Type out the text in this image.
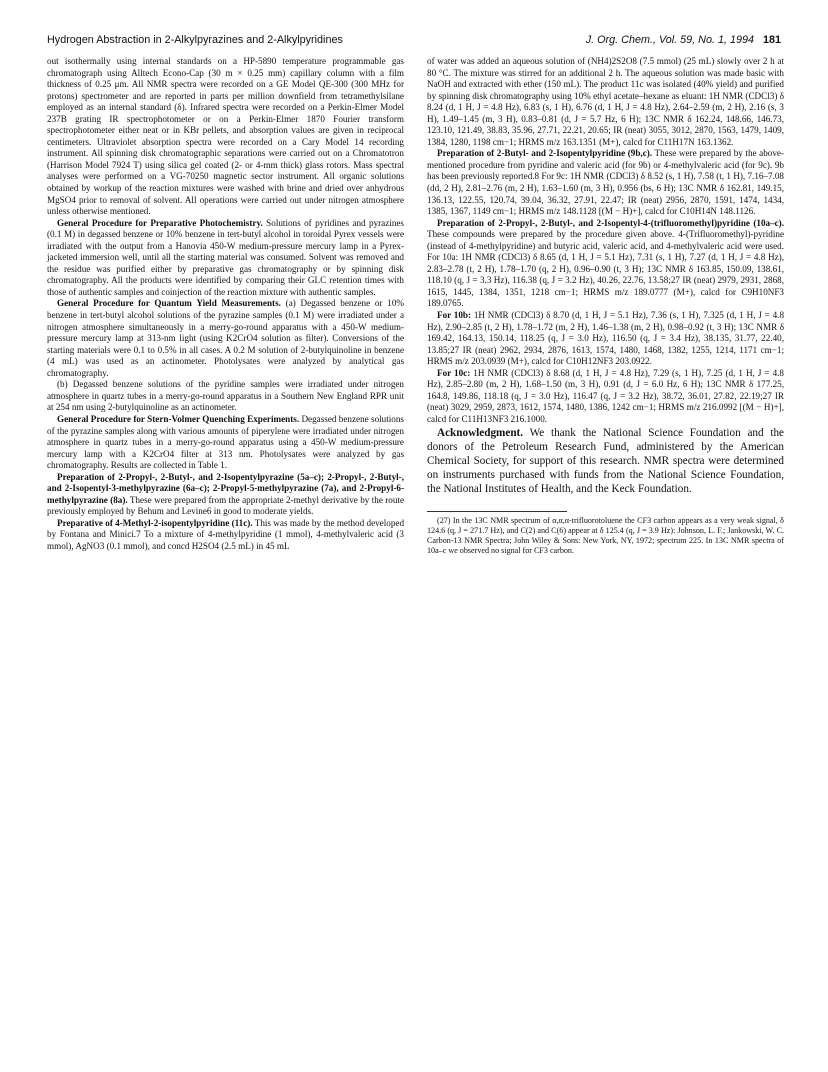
Hydrogen Abstraction in 2-Alkylpyrazines and 2-Alkylpyridines	J. Org. Chem., Vol. 59, No. 1, 1994 181

out isothermally using internal standards on a HP-5890 temperature programmable gas chromatograph using Alltech Econo-Cap (30 m × 0.25 mm) capillary column with a film thickness of 0.25 μm. All NMR spectra were recorded on a GE Model QE-300 (300 MHz for protons) spectrometer and are reported in parts per million downfield from tetramethylsilane employed as an internal standard (δ). Infrared spectra were recorded on a Perkin-Elmer Model 237B grating IR spectrophotometer or on a Perkin-Elmer 1870 Fourier transform spectrophotometer either neat or in KBr pellets, and absorption values are given in reciprocal centimeters. Ultraviolet absorption spectra were recorded on a Cary Model 14 recording instrument. All spinning disk chromatographic separations were carried out on a Chromatotron (Harrison Model 7924 T) using silica gel coated (2- or 4-mm thick) glass rotors. Mass spectral analyses were performed on a VG-70250 magnetic sector instrument. All organic solutions obtained by workup of the reaction mixtures were washed with brine and dried over anhydrous MgSO4 prior to removal of solvent. All operations were carried out under nitrogen atmosphere unless otherwise mentioned.

General Procedure for Preparative Photochemistry. Solutions of pyridines and pyrazines (0.1 M) in degassed benzene or 10% benzene in tert-butyl alcohol in toroidal Pyrex vessels were irradiated with the output from a Hanovia 450-W medium-pressure mercury lamp in a Pyrex-jacketed immersion well, until all the starting material was consumed. Solvent was removed and the residue was purified either by preparative gas chromatography or by spinning disk chromatography. All the products were identified by comparing their GLC retention times with those of authentic samples and coinjection of the reaction mixture with authentic samples.

General Procedure for Quantum Yield Measurements. (a) Degassed benzene or 10% benzene in tert-butyl alcohol solutions of the pyrazine samples (0.1 M) were irradiated under a nitrogen atmosphere simultaneously in a merry-go-round apparatus with a 450-W medium-pressure mercury lamp at 313-nm light (using K2CrO4 solution as filter). Conversions of the starting materials were 0.1 to 0.5% in all cases. A 0.2 M solution of 2-butylquinoline in benzene (4 mL) was used as an actinometer. Photolysates were analyzed by analytical gas chromatography.

(b) Degassed benzene solutions of the pyridine samples were irradiated under nitrogen atmosphere in quartz tubes in a merry-go-round apparatus in a Southern New England RPR unit at 254 nm using 2-butylquinoline as an actinometer.

General Procedure for Stern-Volmer Quenching Experiments. Degassed benzene solutions of the pyrazine samples along with various amounts of piperylene were irradiated under nitrogen atmosphere in quartz tubes in a merry-go-round apparatus using a 450-W medium-pressure mercury lamp with a K2CrO4 filter at 313 nm. Photolysates were analyzed by gas chromatography. Results are collected in Table 1.

Preparation of 2-Propyl-, 2-Butyl-, and 2-Isopentylpyrazine (5a–c); 2-Propyl-, 2-Butyl-, and 2-Isopentyl-3-methylpyrazine (6a–c); 2-Propyl-5-methylpyrazine (7a), and 2-Propyl-6-methylpyrazine (8a). These were prepared from the appropriate 2-methyl derivative by the route previously employed by Behum and Levine6 in good to moderate yields.

Preparative of 4-Methyl-2-isopentylpyridine (11c). This was made by the method developed by Fontana and Minici.7 To a mixture of 4-methylpyridine (1 mmol), 4-methylvaleric acid (3 mmol), AgNO3 (0.1 mmol), and concd H2SO4 (2.5 mL) in 45 mL

of water was added an aqueous solution of (NH4)2S2O8 (7.5 mmol) (25 mL) slowly over 2 h at 80 °C. The mixture was stirred for an additional 2 h. The aqueous solution was made basic with NaOH and extracted with ether (150 mL). The product 11c was isolated (40% yield) and purified by spinning disk chromatography using 10% ethyl acetate–hexane as eluant: 1H NMR (CDCl3) δ 8.24 (d, 1 H, J = 4.8 Hz), 6.83 (s, 1 H), 6.76 (d, 1 H, J = 4.8 Hz), 2.64–2.59 (m, 2 H), 2.16 (s, 3 H), 1.49–1.45 (m, 3 H), 0.83–0.81 (d, J = 5.7 Hz, 6 H); 13C NMR δ 162.24, 148.66, 146.73, 123.10, 121.49, 38.83, 35.96, 27.71, 22.21, 20.65; IR (neat) 3055, 3012, 2870, 1563, 1479, 1409, 1384, 1280, 1198 cm−1; HRMS m/z 163.1351 (M+), calcd for C11H17N 163.1362.

Preparation of 2-Butyl- and 2-Isopentylpyridine (9b,c). These were prepared by the above-mentioned procedure from pyridine and valeric acid (for 9b) or 4-methylvaleric acid (for 9c). 9b has been previously reported.8 For 9c: 1H NMR (CDCl3) δ 8.52 (s, 1 H), 7.58 (t, 1 H), 7.16–7.08 (dd, 2 H), 2.81–2.76 (m, 2 H), 1.63–1.60 (m, 3 H), 0.956 (bs, 6 H); 13C NMR δ 162.81, 149.15, 136.13, 122.55, 120.74, 39.04, 36.32, 27.91, 22.47; IR (neat) 2956, 2870, 1591, 1474, 1434, 1385, 1367, 1149 cm−1; HRMS m/z 148.1128 [(M − H)+], calcd for C10H14N 148.1126.

Preparation of 2-Propyl-, 2-Butyl-, and 2-Isopentyl-4-(trifluoromethyl)pyridine (10a–c). These compounds were prepared by the procedure given above. 4-(Trifluoromethyl)-pyridine (instead of 4-methylpyridine) and butyric acid, valeric acid, and 4-methylvaleric acid were used. For 10a: 1H NMR (CDCl3) δ 8.65 (d, 1 H, J = 5.1 Hz), 7.31 (s, 1 H), 7.27 (d, 1 H, J = 4.8 Hz), 2.83–2.78 (t, 2 H), 1.78–1.70 (q, 2 H), 0.96–0.90 (t, 3 H); 13C NMR δ 163.85, 150.09, 138.61, 118.10 (q, J = 3.3 Hz), 116.38 (q, J = 3.2 Hz), 40.26, 22.76, 13.58;27 IR (neat) 2979, 2931, 2868, 1615, 1445, 1384, 1351, 1218 cm−1; HRMS m/z 189.0777 (M+), calcd for C9H10NF3 189.0765.

For 10b: 1H NMR (CDCl3) δ 8.70 (d, 1 H, J = 5.1 Hz), 7.36 (s, 1 H), 7.325 (d, 1 H, J = 4.8 Hz), 2.90–2.85 (t, 2 H), 1.78–1.72 (m, 2 H), 1.46–1.38 (m, 2 H), 0.98–0.92 (t, 3 H); 13C NMR δ 169.42, 164.13, 150.14, 118.25 (q, J = 3.0 Hz), 116.50 (q, J = 3.4 Hz), 38.135, 31.77, 22.40, 13.85;27 IR (neat) 2962, 2934, 2876, 1613, 1574, 1480, 1468, 1382, 1255, 1214, 1171 cm−1; HRMS m/z 203.0939 (M+), calcd for C10H12NF3 203.0922.

For 10c: 1H NMR (CDCl3) δ 8.68 (d, 1 H, J = 4.8 Hz), 7.29 (s, 1 H), 7.25 (d, 1 H, J = 4.8 Hz), 2.85–2.80 (m, 2 H), 1.68–1.50 (m, 3 H), 0.91 (d, J = 6.0 Hz, 6 H); 13C NMR δ 177.25, 164.8, 149.86, 118.18 (q, J = 3.0 Hz), 116.47 (q, J = 3.2 Hz), 38.72, 36.01, 27.82, 22.19;27 IR (neat) 3029, 2959, 2873, 1612, 1574, 1480, 1386, 1242 cm−1; HRMS m/z 216.0992 [(M − H)+], calcd for C11H13NF3 216.1000.

Acknowledgment. We thank the National Science Foundation and the donors of the Petroleum Research Fund, administered by the American Chemical Society, for support of this research. NMR spectra were determined on instruments purchased with funds from the National Science Foundation, the National Institutes of Health, and the Keck Foundation.

(27) In the 13C NMR spectrum of α,α,α-trifluorotoluene the CF3 carbon appears as a very weak signal, δ 124.6 (q, J = 271.7 Hz), and C(2) and C(6) appear at δ 125.4 (q, J = 3.9 Hz): Johnson, L. F.; Jankowski, W. C. Carbon-13 NMR Spectra; John Wiley & Sons: New York, NY, 1972; spectrum 225. In 13C NMR spectra of 10a–c we observed no signal for CF3 carbon.
